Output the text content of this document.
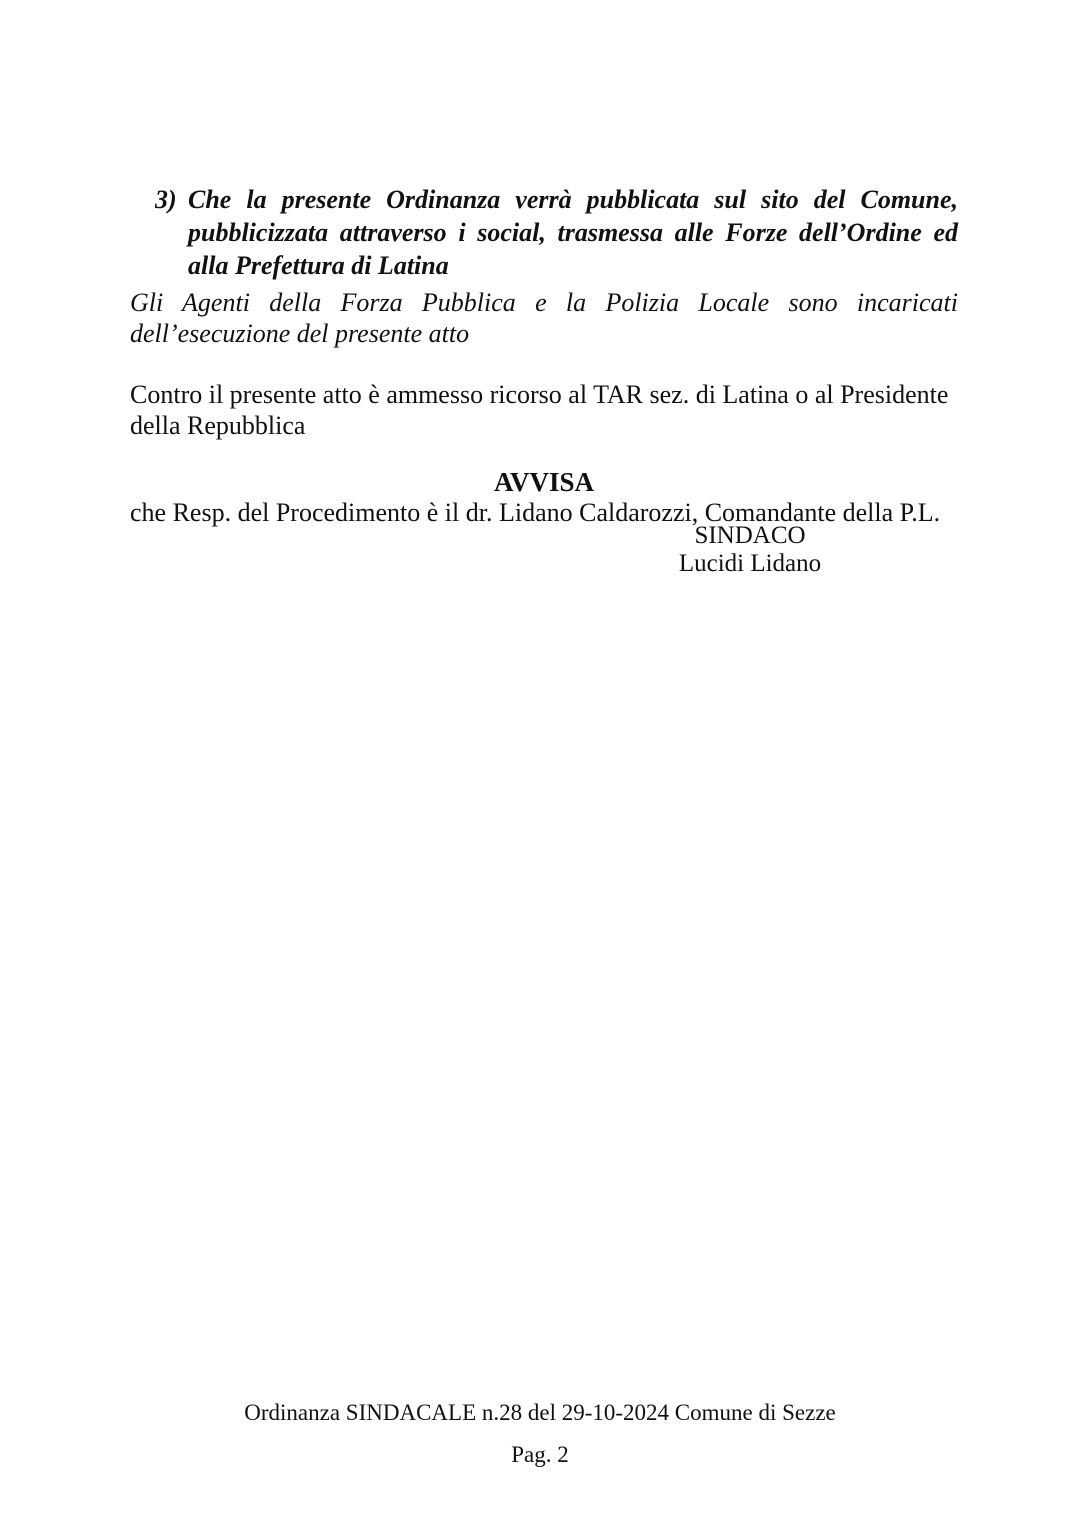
3) Che la presente Ordinanza verrà pubblicata sul sito del Comune, pubblicizzata attraverso i social, trasmessa alle Forze dell’Ordine ed alla Prefettura di Latina

Gli Agenti della Forza Pubblica e la Polizia Locale sono incaricati dell’esecuzione del presente atto

Contro il presente atto è ammesso ricorso al TAR sez. di Latina o al Presidente della Repubblica

AVVISA
che Resp. del Procedimento è il dr. Lidano Caldarozzi, Comandante della P.L.
SINDACO
Lucidi Lidano
Ordinanza SINDACALE n.28 del 29-10-2024 Comune di Sezze
Pag. 2
